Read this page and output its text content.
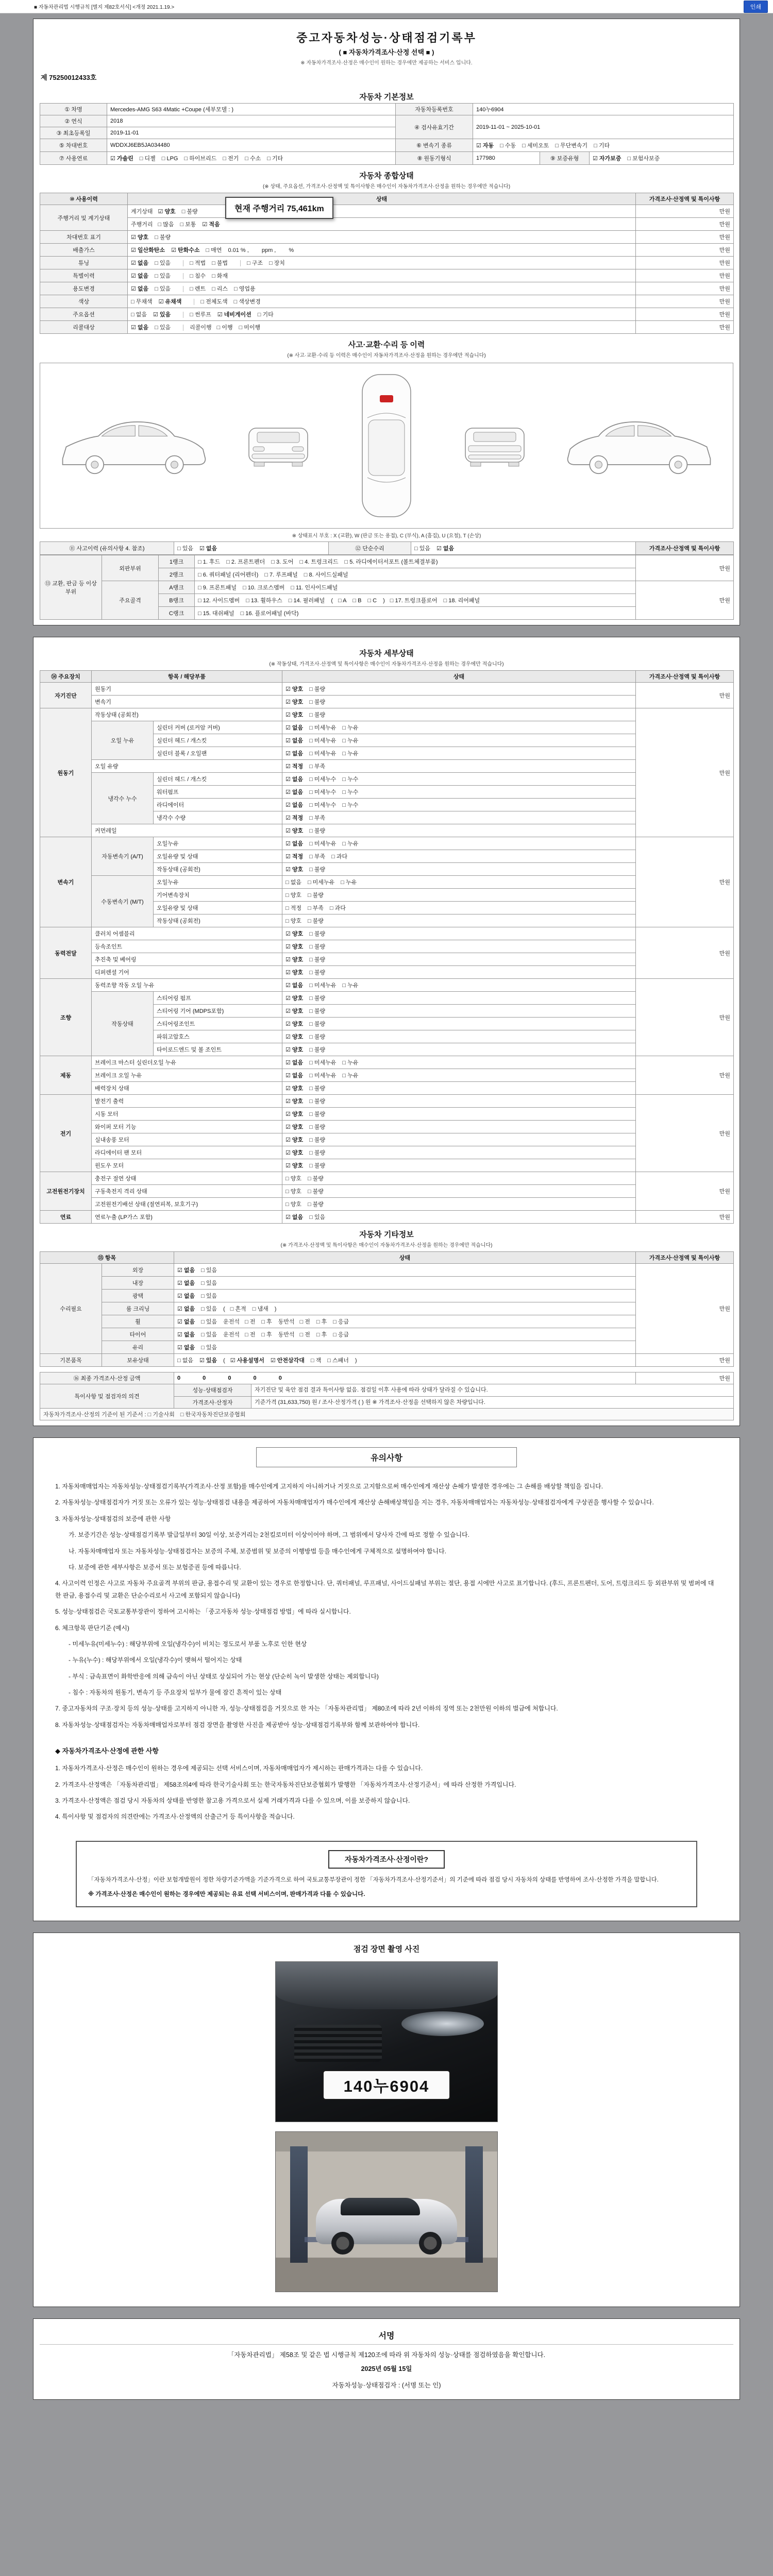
■ 자동차관리법 시행규칙 [별지 제82호서식] <개정 2021.1.19.>	인쇄
중고자동차성능·상태점검기록부
( ■ 자동차가격조사·산정 선택 ■ )
※ 자동차가격조사·산정은 매수인이 원하는 경우에만 제공하는 서비스 입니다.
제 75250012433호
자동차 기본정보
① 차명	Mercedes-AMG S63 4Matic +Coupe (세부모델 : )	자동차등록번호	140누6904		
② 연식	2018	④ 검사유효기간	2019-11-01 ~ 2025-10-01		
③ 최초등록일	2019-11-01				
⑤ 차대번호	WDDXJ6EB5JA034480	⑥ 변속기 종류	☑ 자동 □ 수동 □ 세미오토 □ 무단변속기 □ 기타		
⑦ 사용연료	☑ 가솔린 □ 디젤 □ LPG □ 하이브리드 □ 전기 □ 수소 □ 기타	⑧ 원동기형식	177980	⑨ 보증유형	☑ 자가보증 □ 보험사보증
자동차 종합상태
(※ 상태, 주요옵션, 가격조사·산정액 및 특이사항은 매수인이 자동차가격조사·산정을 원하는 경우에만 적습니다)
⑩ 사용이력	상태	가격조사·산정액 및 특이사항
주행거리 및 계기상태	계기상태 ☑ 양호 □ 불량	만원
	주행거리 □ 많음 □ 보통 ☑ 적음	만원
차대번호 표기	☑ 양호 □ 불량	만원
배출가스	☑ 일산화탄소 ☑ 탄화수소 □ 매연 0.01 % ,　　 ppm ,　　 %	만원
튜닝	☑ 없음 □ 있음 □ 적법 □ 불법 □ 구조 □ 장치	만원
특별이력	☑ 없음 □ 있음 □ 침수 □ 화재	만원
용도변경	☑ 없음 □ 있음 □ 렌트 □ 리스 □ 영업용	만원
색상	□ 무채색 ☑ 유채색 □ 전체도색 □ 색상변경	만원
주요옵션	□ 없음 ☑ 있음 □ 썬루프 ☑ 네비게이션 □ 기타	만원
리콜대상	☑ 없음 □ 있음 리콜이행 □ 이행 □ 미이행	만원
현재 주행거리 75,461km
사고·교환·수리 등 이력
(※ 사고·교환·수리 등 이력은 매수인이 자동차가격조사·산정을 원하는 경우에만 적습니다)
※ 상태표시 부호 : X (교환), W (판금 또는 용접), C (부식), A (흠집), U (요철), T (손상)
⑪ 사고이력 (유의사항 4. 참조)	□ 있음 ☑ 없음	⑫ 단순수리	□ 있음 ☑ 없음	가격조사·산정액 및 특이사항
⑬ 교환, 판금 등 이상 부위	외판부위	1랭크	□ 1. 후드 □ 2. 프론트펜더 □ 3. 도어 □ 4. 트렁크리드 □ 5. 라디에이터서포트 (볼트체결부품)	만원
		2랭크	□ 6. 쿼터패널 (리어펜더) □ 7. 루프패널 □ 8. 사이드실패널	
	주요골격	A랭크	□ 9. 프론트패널 □ 10. 크로스멤버 □ 11. 인사이드패널	만원
		B랭크	□ 12. 사이드멤버 □ 13. 휠하우스 □ 14. 필러패널 ( □ A □ B □ C ) □ 17. 트렁크플로어 □ 18. 리어패널	
		C랭크	□ 15. 대쉬패널 □ 16. 플로어패널 (바닥)	
자동차 세부상태
(※ 작동상태, 가격조사·산정액 및 특이사항은 매수인이 자동차가격조사·산정을 원하는 경우에만 적습니다)
⑭ 주요장치	항목 / 해당부품		상태	가격조사·산정액 및 특이사항
자기진단	원동기		☑ 양호 □ 불량	만원
	변속기		☑ 양호 □ 불량	
원동기	작동상태 (공회전)		☑ 양호 □ 불량	만원
	오일 누유	실린더 커버 (로커암 커버)	☑ 없음 □ 미세누유 □ 누유	
		실린더 헤드 / 개스킷	☑ 없음 □ 미세누유 □ 누유	
		실린더 블록 / 오일팬	☑ 없음 □ 미세누유 □ 누유	
	오일 유량		☑ 적정 □ 부족	
	냉각수 누수	실린더 헤드 / 개스킷	☑ 없음 □ 미세누수 □ 누수	
		워터펌프	☑ 없음 □ 미세누수 □ 누수	
		라디에이터	☑ 없음 □ 미세누수 □ 누수	
		냉각수 수량	☑ 적정 □ 부족	
	커먼레일		☑ 양호 □ 불량	
변속기	자동변속기 (A/T)	오일누유	☑ 없음 □ 미세누유 □ 누유	만원
		오일유량 및 상태	☑ 적정 □ 부족 □ 과다	
		작동상태 (공회전)	☑ 양호 □ 불량	
	수동변속기 (M/T)	오일누유	□ 없음 □ 미세누유 □ 누유	
		기어변속장치	□ 양호 □ 불량	
		오일유량 및 상태	□ 적정 □ 부족 □ 과다	
		작동상태 (공회전)	□ 양호 □ 불량	
동력전달	클러치 어셈블리		☑ 양호 □ 불량	만원
	등속조인트		☑ 양호 □ 불량	
	추진축 및 베어링		☑ 양호 □ 불량	
	디퍼렌셜 기어		☑ 양호 □ 불량	
조향	동력조향 작동 오일 누유		☑ 없음 □ 미세누유 □ 누유	만원
	작동상태	스티어링 펌프	☑ 양호 □ 불량	
		스티어링 기어 (MDPS포함)	☑ 양호 □ 불량	
		스티어링조인트	☑ 양호 □ 불량	
		파워고압호스	☑ 양호 □ 불량	
		타이로드엔드 및 볼 조인트	☑ 양호 □ 불량	
제동	브레이크 마스터 실린더오일 누유		☑ 없음 □ 미세누유 □ 누유	만원
	브레이크 오일 누유		☑ 없음 □ 미세누유 □ 누유	
	배력장치 상태		☑ 양호 □ 불량	
전기	발전기 출력		☑ 양호 □ 불량	만원
	시동 모터		☑ 양호 □ 불량	
	와이퍼 모터 기능		☑ 양호 □ 불량	
	실내송풍 모터		☑ 양호 □ 불량	
	라디에이터 팬 모터		☑ 양호 □ 불량	
	윈도우 모터		☑ 양호 □ 불량	
고전원전기장치	충전구 절연 상태		□ 양호 □ 불량	만원
	구동축전지 격리 상태		□ 양호 □ 불량	
	고전원전기배선 상태 (절연피복, 보호기구)		□ 양호 □ 불량	
연료	연료누출 (LP가스 포함)		☑ 없음 □ 있음	만원
자동차 기타정보
(※ 가격조사·산정액 및 특이사항은 매수인이 자동차가격조사·산정을 원하는 경우에만 적습니다)
⑮ 항목		상태	가격조사·산정액 및 특이사항
수리필요	외장	☑ 없음 □ 있음	만원
	내장	☑ 없음 □ 있음	
	광택	☑ 없음 □ 있음	
	룸 크리닝	☑ 없음 □ 있음 ( □ 흔적 □ 냄새 )	
	휠	☑ 없음 □ 있음 운전석 □ 전 □ 후 동반석 □ 전 □ 후 □ 응급	
	타이어	☑ 없음 □ 있음 운전석 □ 전 □ 후 동반석 □ 전 □ 후 □ 응급	
	유리	☑ 없음 □ 있음	
기본품목	보유상태	□ 없음 ☑ 있음 ( ☑ 사용설명서 ☑ 안전삼각대 □ 잭 □ 스패너 )	만원
⑯ 최종 가격조사·산정 금액	0 0 0 0 0		만원
특이사항 및 점검자의 의견	성능·상태점검자	자기진단 및 육안 점검 결과 특이사항 없음. 점검일 이후 사용에 따라 상태가 달라질 수 있습니다.	
	가격조사·산정자	기준가격 (31,633,750) 원 / 조사·산정가격 ( ) 원 ※ 가격조사·산정을 선택하지 않은 차량입니다.	
자동차가격조사·산정의 기준이 된 기준서 : □ 기술사회　□ 한국자동차진단보증협회			
유의사항

1. 자동차매매업자는 자동차성능·상태점검기록부(가격조사·산정 포함)를 매수인에게 고지하지 아니하거나 거짓으로 고지함으로써 매수인에게 재산상 손해가 발생한 경우에는 그 손해를 배상할 책임을 집니다.

2. 자동차성능·상태점검자가 거짓 또는 오류가 있는 성능·상태점검 내용을 제공하여 자동차매매업자가 매수인에게 재산상 손해배상책임을 지는 경우, 자동차매매업자는 자동차성능·상태점검자에게 구상권을 행사할 수 있습니다.

3. 자동차성능·상태점검의 보증에 관한 사항

가. 보증기간은 성능·상태점검기록부 발급일부터 30일 이상, 보증거리는 2천킬로미터 이상이어야 하며, 그 범위에서 당사자 간에 따로 정할 수 있습니다.

나. 자동차매매업자 또는 자동차성능·상태점검자는 보증의 주체, 보증범위 및 보증의 이행방법 등을 매수인에게 구체적으로 설명하여야 합니다.

다. 보증에 관한 세부사항은 보증서 또는 보험증권 등에 따릅니다.

4. 사고이력 인정은 사고로 자동차 주요골격 부위의 판금, 용접수리 및 교환이 있는 경우로 한정합니다. 단, 쿼터패널, 루프패널, 사이드실패널 부위는 절단, 용접 시에만 사고로 표기합니다. (후드, 프론트펜더, 도어, 트렁크리드 등 외판부위 및 범퍼에 대한 판금, 용접수리 및 교환은 단순수리로서 사고에 포함되지 않습니다)

5. 성능·상태점검은 국토교통부장관이 정하여 고시하는 「중고자동차 성능·상태점검 방법」에 따라 실시합니다.

6. 체크항목 판단기준 (예시)

- 미세누유(미세누수) : 해당부위에 오일(냉각수)이 비치는 정도로서 부품 노후로 인한 현상

- 누유(누수) : 해당부위에서 오일(냉각수)이 맺혀서 떨어지는 상태

- 부식 : 금속표면이 화학반응에 의해 금속이 아닌 상태로 상실되어 가는 현상 (단순히 녹이 발생한 상태는 제외합니다)

- 침수 : 자동차의 원동기, 변속기 등 주요장치 일부가 물에 잠긴 흔적이 있는 상태

7. 중고자동차의 구조·장치 등의 성능·상태를 고지하지 아니한 자, 성능·상태점검을 거짓으로 한 자는 「자동차관리법」 제80조에 따라 2년 이하의 징역 또는 2천만원 이하의 벌금에 처합니다.

8. 자동차성능·상태점검자는 자동차매매업자로부터 점검 장면을 촬영한 사진을 제공받아 성능·상태점검기록부와 함께 보관하여야 합니다.

◆ 자동차가격조사·산정에 관한 사항

1. 자동차가격조사·산정은 매수인이 원하는 경우에 제공되는 선택 서비스이며, 자동차매매업자가 제시하는 판매가격과는 다를 수 있습니다.

2. 가격조사·산정액은 「자동차관리법」 제58조의4에 따라 한국기술사회 또는 한국자동차진단보증협회가 발행한 「자동차가격조사·산정기준서」에 따라 산정한 가격입니다.

3. 가격조사·산정액은 점검 당시 자동차의 상태를 반영한 참고용 가격으로서 실제 거래가격과 다를 수 있으며, 이를 보증하지 않습니다.

4. 특이사항 및 점검자의 의견란에는 가격조사·산정액의 산출근거 등 특이사항을 적습니다.

자동차가격조사·산정이란?

「자동차가격조사·산정」이란 보험개발원이 정한 차량기준가액을 기준가격으로 하여 국토교통부장관이 정한 「자동차가격조사·산정기준서」의 기준에 따라 점검 당시 자동차의 상태를 반영하여 조사·산정한 가격을 말합니다.

※ 가격조사·산정은 매수인이 원하는 경우에만 제공되는 유료 선택 서비스이며, 판매가격과 다를 수 있습니다.

점검 장면 촬영 사진
140누6904
서명

「자동차관리법」 제58조 및 같은 법 시행규칙 제120조에 따라 위 자동차의 성능·상태를 점검하였음을 확인합니다.

2025년 05월 15일

자동차성능·상태점검자 : (서명 또는 인)
